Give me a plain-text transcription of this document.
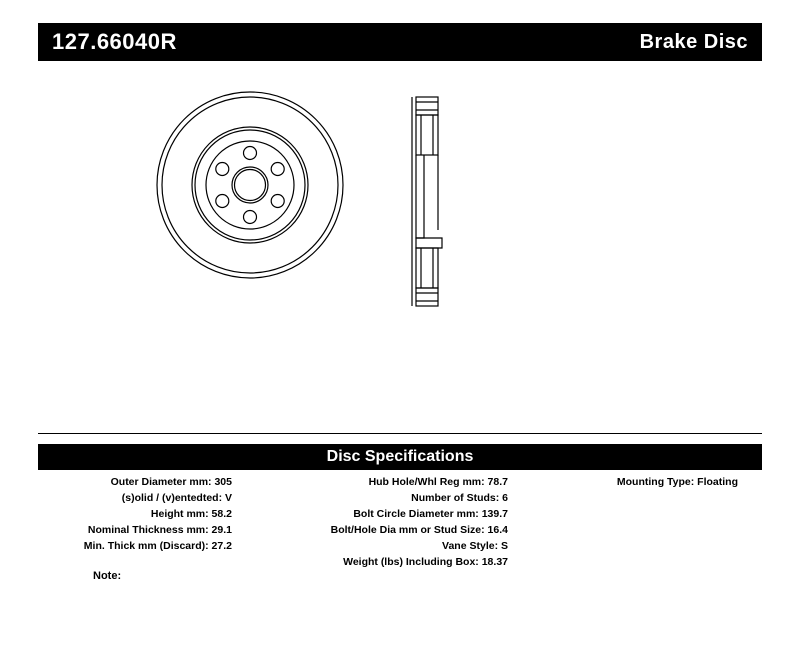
127.66040R	Brake Disc
Disc Specifications
Outer Diameter mm: 305
(s)olid / (v)entedted: V
Height mm: 58.2
Nominal Thickness mm: 29.1
Min. Thick mm (Discard): 27.2
Hub Hole/Whl Reg mm: 78.7
Number of Studs: 6
Bolt Circle Diameter mm: 139.7
Bolt/Hole Dia mm or Stud Size: 16.4
Vane Style: S
Weight (lbs) Including Box: 18.37
Mounting Type: Floating
Note:
